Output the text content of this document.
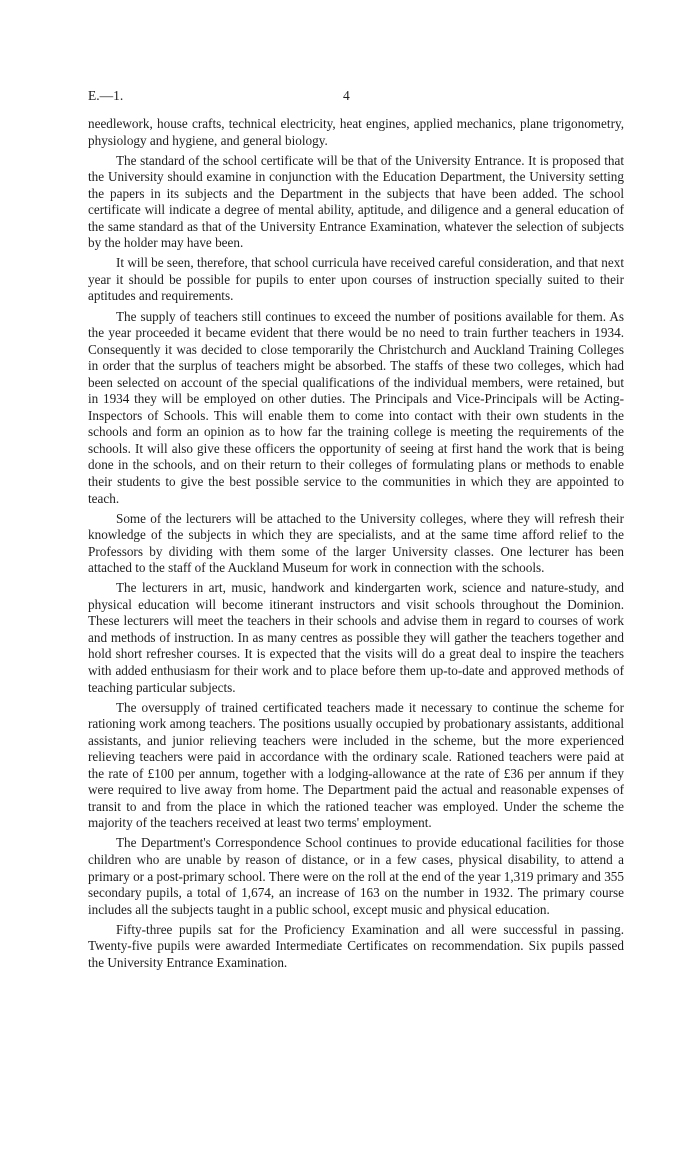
E.—1.	4

needlework, house crafts, technical electricity, heat engines, applied mechanics, plane trigonometry, physiology and hygiene, and general biology.

The standard of the school certificate will be that of the University Entrance. It is proposed that the University should examine in conjunction with the Education Department, the University setting the papers in its subjects and the Department in the subjects that have been added. The school certificate will indicate a degree of mental ability, aptitude, and diligence and a general education of the same standard as that of the University Entrance Examination, whatever the selection of subjects by the holder may have been.

It will be seen, therefore, that school curricula have received careful consideration, and that next year it should be possible for pupils to enter upon courses of instruction specially suited to their aptitudes and requirements.

The supply of teachers still continues to exceed the number of positions available for them. As the year proceeded it became evident that there would be no need to train further teachers in 1934. Consequently it was decided to close temporarily the Christchurch and Auckland Training Colleges in order that the surplus of teachers might be absorbed. The staffs of these two colleges, which had been selected on account of the special qualifications of the individual members, were retained, but in 1934 they will be employed on other duties. The Principals and Vice-Principals will be Acting-Inspectors of Schools. This will enable them to come into contact with their own students in the schools and form an opinion as to how far the training college is meeting the requirements of the schools. It will also give these officers the opportunity of seeing at first hand the work that is being done in the schools, and on their return to their colleges of formulating plans or methods to enable their students to give the best possible service to the communities in which they are appointed to teach.

Some of the lecturers will be attached to the University colleges, where they will refresh their knowledge of the subjects in which they are specialists, and at the same time afford relief to the Professors by dividing with them some of the larger University classes. One lecturer has been attached to the staff of the Auckland Museum for work in connection with the schools.

The lecturers in art, music, handwork and kindergarten work, science and nature-study, and physical education will become itinerant instructors and visit schools throughout the Dominion. These lecturers will meet the teachers in their schools and advise them in regard to courses of work and methods of instruction. In as many centres as possible they will gather the teachers together and hold short refresher courses. It is expected that the visits will do a great deal to inspire the teachers with added enthusiasm for their work and to place before them up-to-date and approved methods of teaching particular subjects.

The oversupply of trained certificated teachers made it necessary to continue the scheme for rationing work among teachers. The positions usually occupied by probationary assistants, additional assistants, and junior relieving teachers were included in the scheme, but the more experienced relieving teachers were paid in accordance with the ordinary scale. Rationed teachers were paid at the rate of £100 per annum, together with a lodging-allowance at the rate of £36 per annum if they were required to live away from home. The Department paid the actual and reasonable expenses of transit to and from the place in which the rationed teacher was employed. Under the scheme the majority of the teachers received at least two terms' employment.

The Department's Correspondence School continues to provide educational facilities for those children who are unable by reason of distance, or in a few cases, physical disability, to attend a primary or a post-primary school. There were on the roll at the end of the year 1,319 primary and 355 secondary pupils, a total of 1,674, an increase of 163 on the number in 1932. The primary course includes all the subjects taught in a public school, except music and physical education.

Fifty-three pupils sat for the Proficiency Examination and all were successful in passing. Twenty-five pupils were awarded Intermediate Certificates on recommendation. Six pupils passed the University Entrance Examination.
